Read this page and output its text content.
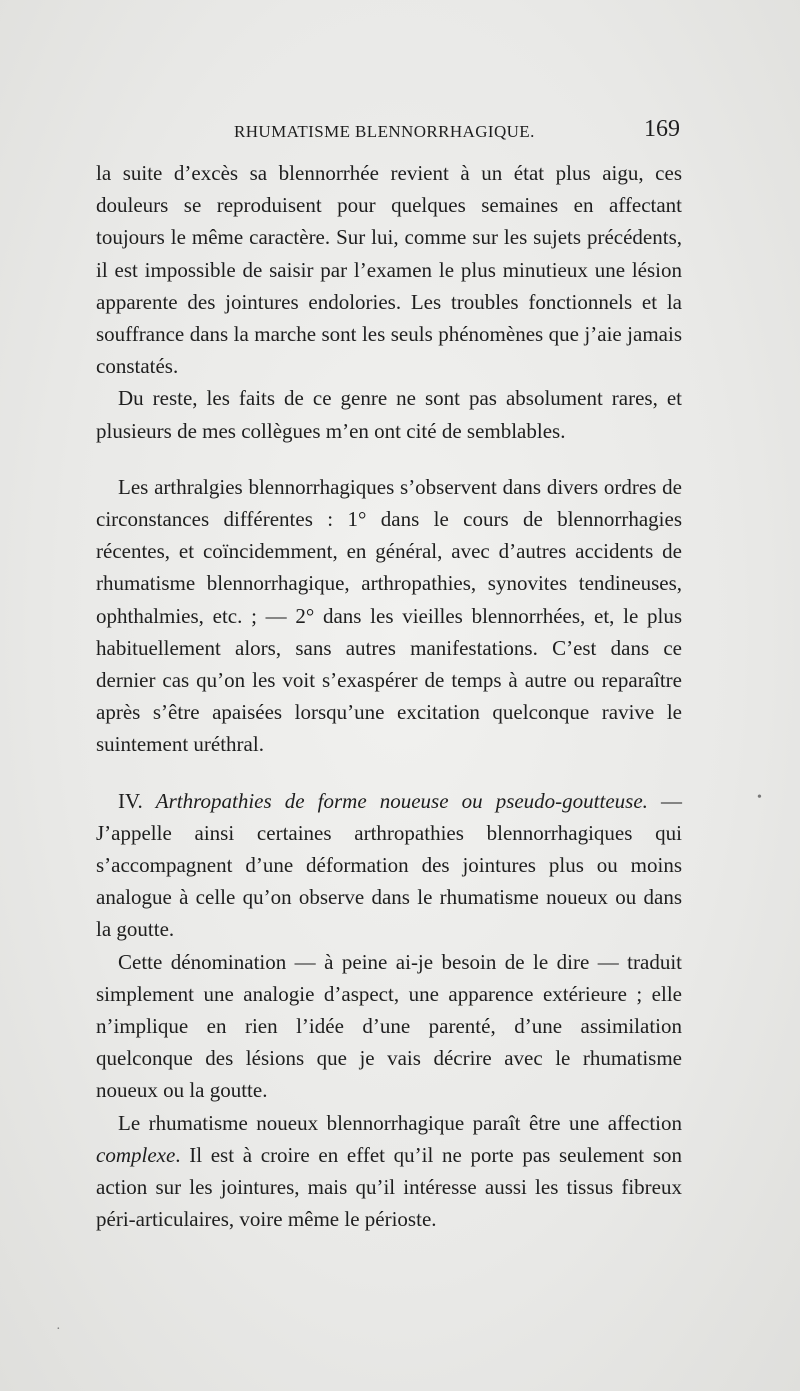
RHUMATISME BLENNORRHAGIQUE.	169

la suite d’excès sa blennorrhée revient à un état plus aigu, ces douleurs se reproduisent pour quelques semaines en affectant toujours le même caractère. Sur lui, comme sur les sujets précédents, il est impossible de saisir par l’examen le plus minutieux une lésion apparente des jointures endolories. Les troubles fonctionnels et la souffrance dans la marche sont les seuls phénomènes que j’aie jamais constatés.

Du reste, les faits de ce genre ne sont pas absolument rares, et plusieurs de mes collègues m’en ont cité de semblables.

Les arthralgies blennorrhagiques s’observent dans divers ordres de circonstances différentes : 1° dans le cours de blennorrhagies récentes, et coïncidemment, en général, avec d’autres accidents de rhumatisme blennorrhagique, arthropathies, synovites tendineuses, ophthalmies, etc. ; — 2° dans les vieilles blennorrhées, et, le plus habituellement alors, sans autres manifestations. C’est dans ce dernier cas qu’on les voit s’exaspérer de temps à autre ou reparaître après s’être apaisées lorsqu’une excitation quelconque ravive le suintement uréthral.

IV. Arthropathies de forme noueuse ou pseudo-goutteuse. — J’appelle ainsi certaines arthropathies blennorrhagiques qui s’accompagnent d’une déformation des jointures plus ou moins analogue à celle qu’on observe dans le rhumatisme noueux ou dans la goutte.

Cette dénomination — à peine ai-je besoin de le dire — traduit simplement une analogie d’aspect, une apparence extérieure ; elle n’implique en rien l’idée d’une parenté, d’une assimilation quelconque des lésions que je vais décrire avec le rhumatisme noueux ou la goutte.

Le rhumatisme noueux blennorrhagique paraît être une affection complexe. Il est à croire en effet qu’il ne porte pas seulement son action sur les jointures, mais qu’il intéresse aussi les tissus fibreux péri-articulaires, voire même le périoste.

•
·
